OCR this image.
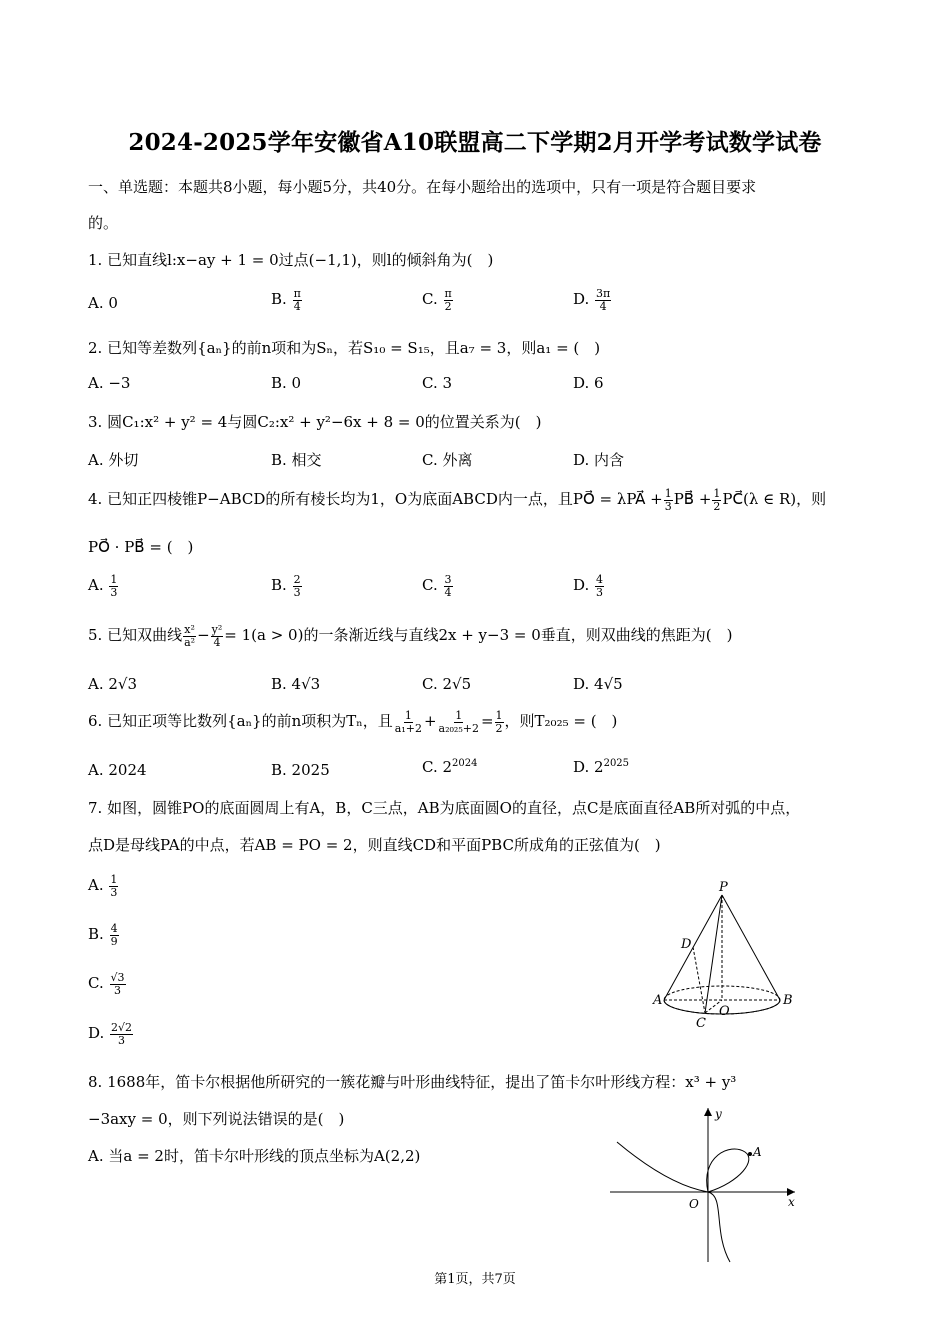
2024-2025学年安徽省A10联盟高二下学期2月开学考试数学试卷
一、单选题：本题共8小题，每小题5分，共40分。在每小题给出的选项中，只有一项是符合题目要求
的。
1. 已知直线l:x−ay + 1 = 0过点(−1,1)，则l的倾斜角为(　)
A. 0	B. $\frac{\pi}{4}$	C. $\frac{\pi}{2}$	D. $\frac{3\pi}{4}$
2. 已知等差数列{aₙ}的前n项和为Sₙ，若S₁₀ = S₁₅，且a₇ = 3，则a₁ = (　)
A. −3	B. 0	C. 3	D. 6
3. 圆C₁:x² + y² = 4与圆C₂:x² + y²−6x + 8 = 0的位置关系为(　)
A. 外切	B. 相交	C. 外离	D. 内含
4. 已知正四棱锥P−ABCD的所有棱长均为1，O为底面ABCD内一点，且PO⃗ = λPA⃗ + $\frac{1}{3}$ PB⃗ + $\frac{1}{2}$ PC⃗(λ ∈ R)，则
PO⃗ · PB⃗ = (　)
A. $\frac{1}{3}$	B. $\frac{2}{3}$	C. $\frac{3}{4}$	D. $\frac{4}{3}$
5. 已知双曲线 $\frac{\text{x²}}{\text{a²}} - \frac{\text{y²}}{4} = 1(a > 0)$的一条渐近线与直线2x + y−3 = 0垂直，则双曲线的焦距为(　)
A. 2√3	B. 4√3	C. 2√5	D. 4√5
6. 已知正项等比数列{aₙ}的前n项积为Tₙ，且 $\frac{1}{\text{a₁+2}} + \frac{1}{\text{a₂₀₂₅+2}} = \frac{1}{2}$ ，则T₂₀₂₅ = (　)
A. 2024	B. 2025	C. $2^{2024}$	D. $2^{2025}$
7. 如图，圆锥PO的底面圆周上有A，B，C三点，AB为底面圆O的直径，点C是底面直径AB所对弧的中点，
点D是母线PA的中点，若AB = PO = 2，则直线CD和平面PBC所成角的正弦值为(　)
A. $\frac{1}{3}$
B. $\frac{4}{9}$
C. $\frac{√3}{3}$
D. $\frac{2√2}{3}$
P
D
A	B
C
O
8. 1688年，笛卡尔根据他所研究的一簇花瓣与叶形曲线特征，提出了笛卡尔叶形线方程：x³ + y³
−3axy = 0，则下列说法错误的是(　)
A. 当a = 2时，笛卡尔叶形线的顶点坐标为A(2,2)
y
x
O
A
第1页，共7页
